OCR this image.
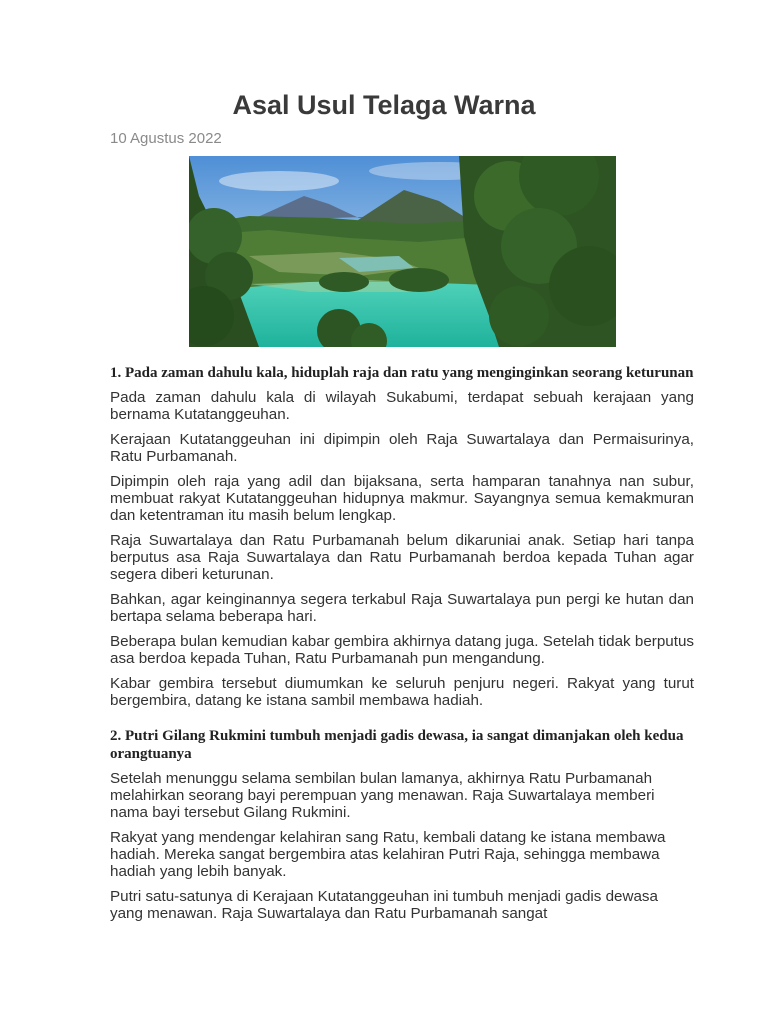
Asal Usul Telaga Warna
10 Agustus 2022
1. Pada zaman dahulu kala, hiduplah raja dan ratu yang menginginkan seorang keturunan

Pada zaman dahulu kala di wilayah Sukabumi, terdapat sebuah kerajaan yang bernama Kutatanggeuhan.

Kerajaan Kutatanggeuhan ini dipimpin oleh Raja Suwartalaya dan Permaisurinya, Ratu Purbamanah.

Dipimpin oleh raja yang adil dan bijaksana, serta hamparan tanahnya nan subur, membuat rakyat Kutatanggeuhan hidupnya makmur. Sayangnya semua kemakmuran dan ketentraman itu masih belum lengkap.

Raja Suwartalaya dan Ratu Purbamanah belum dikaruniai anak. Setiap hari tanpa berputus asa Raja Suwartalaya dan Ratu Purbamanah berdoa kepada Tuhan agar segera diberi keturunan.

Bahkan, agar keinginannya segera terkabul Raja Suwartalaya pun pergi ke hutan dan bertapa selama beberapa hari.

Beberapa bulan kemudian kabar gembira akhirnya datang juga. Setelah tidak berputus asa berdoa kepada Tuhan, Ratu Purbamanah pun mengandung.

Kabar gembira tersebut diumumkan ke seluruh penjuru negeri. Rakyat yang turut bergembira, datang ke istana sambil membawa hadiah.

2. Putri Gilang Rukmini tumbuh menjadi gadis dewasa, ia sangat dimanjakan oleh kedua orangtuanya

Setelah menunggu selama sembilan bulan lamanya, akhirnya Ratu Purbamanah melahirkan seorang bayi perempuan yang menawan. Raja Suwartalaya memberi nama bayi tersebut Gilang Rukmini.

Rakyat yang mendengar kelahiran sang Ratu, kembali datang ke istana membawa hadiah. Mereka sangat bergembira atas kelahiran Putri Raja, sehingga membawa hadiah yang lebih banyak.

Putri satu-satunya di Kerajaan Kutatanggeuhan ini tumbuh menjadi gadis dewasa yang menawan. Raja Suwartalaya dan Ratu Purbamanah sangat
